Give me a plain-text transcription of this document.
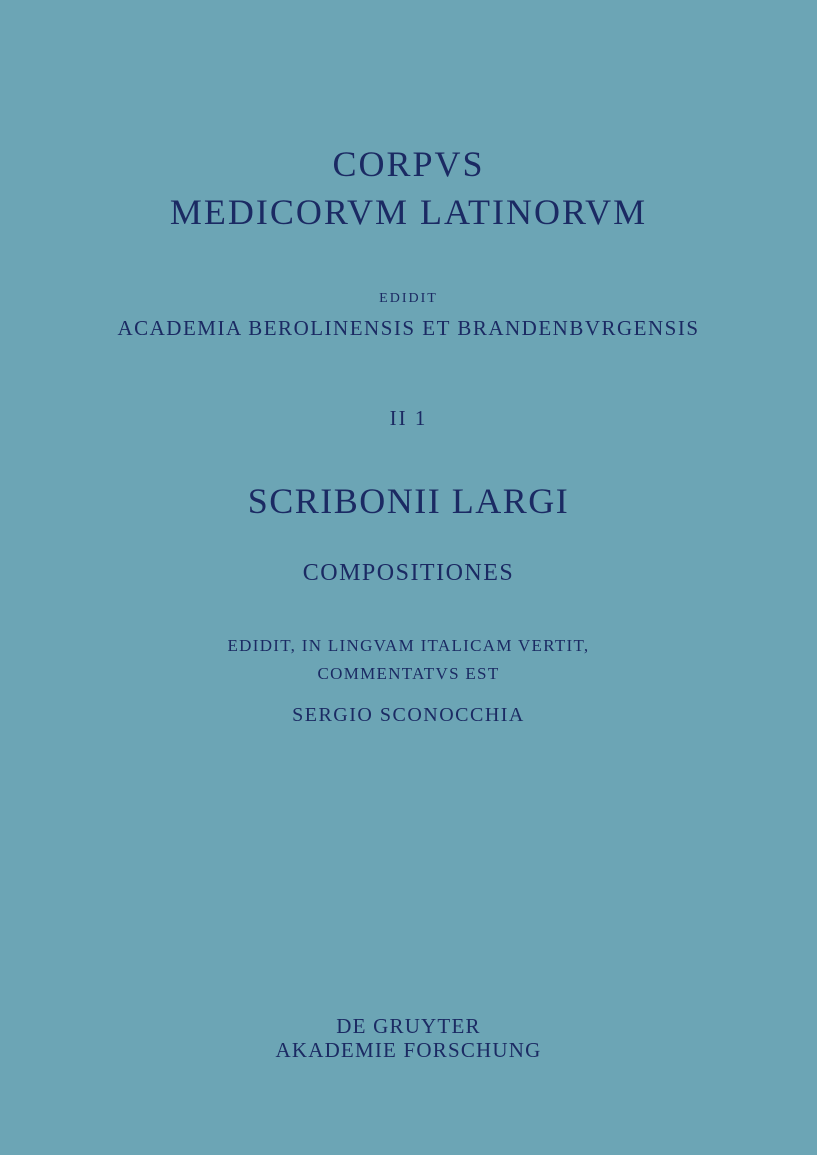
CORPVS
MEDICORVM LATINORVM
EDIDIT
ACADEMIA BEROLINENSIS ET BRANDENBVRGENSIS
II 1
SCRIBONII LARGI
COMPOSITIONES
EDIDIT, IN LINGVAM ITALICAM VERTIT,
COMMENTATVS EST
SERGIO SCONOCCHIA
DE GRUYTER
AKADEMIE FORSCHUNG
